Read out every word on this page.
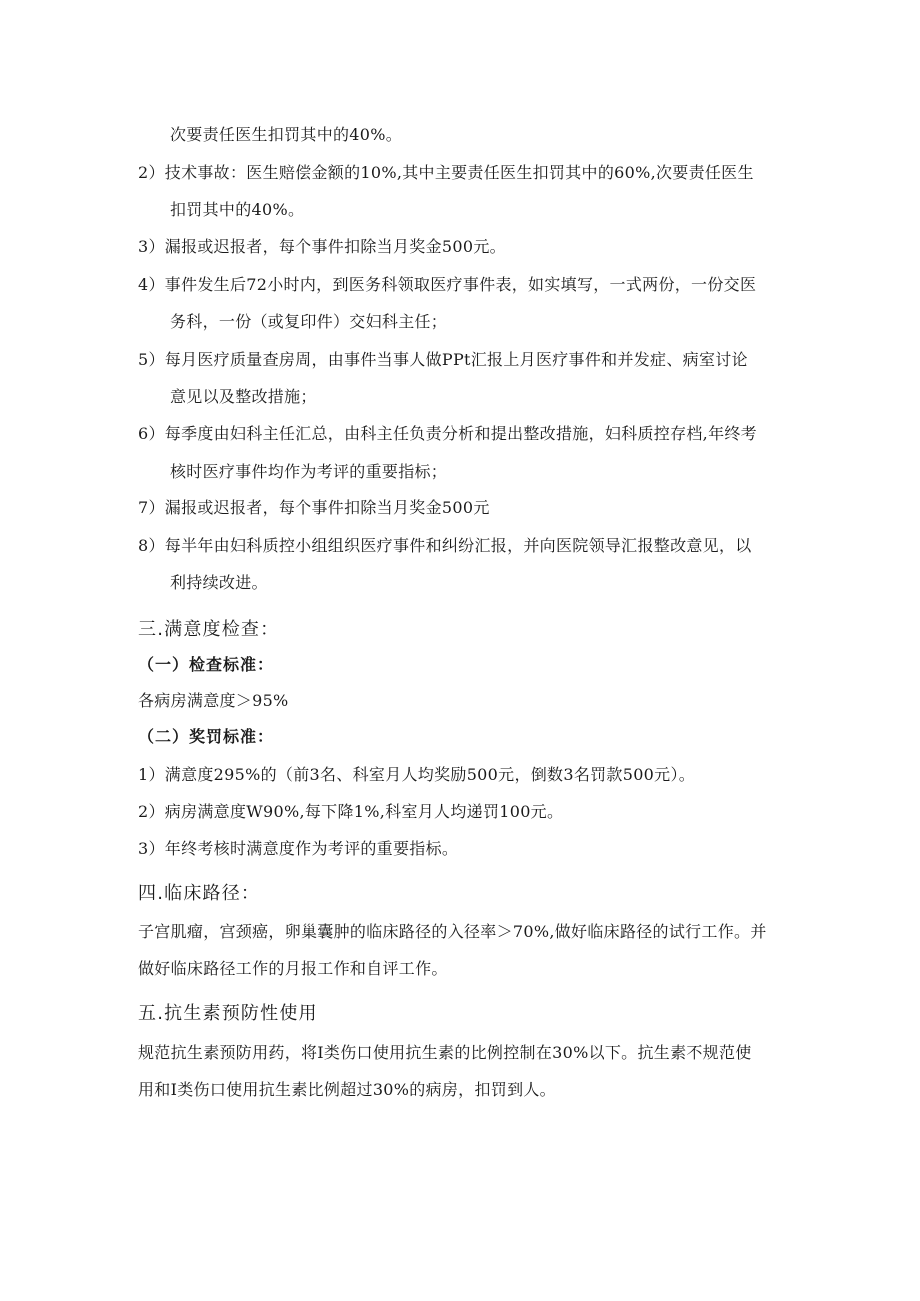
次要责任医生扣罚其中的40%。
2）技术事故：医生赔偿金额的10%,其中主要责任医生扣罚其中的60%,次要责任医生
扣罚其中的40%。
3）漏报或迟报者，每个事件扣除当月奖金500元。
4）事件发生后72小时内，到医务科领取医疗事件表，如实填写，一式两份，一份交医
务科，一份（或复印件）交妇科主任；
5）每月医疗质量查房周，由事件当事人做PPt汇报上月医疗事件和并发症、病室讨论
意见以及整改措施；
6）每季度由妇科主任汇总，由科主任负责分析和提出整改措施，妇科质控存档,年终考
核时医疗事件均作为考评的重要指标；
7）漏报或迟报者，每个事件扣除当月奖金500元
8）每半年由妇科质控小组组织医疗事件和纠纷汇报，并向医院领导汇报整改意见，以
利持续改进。
三.满意度检查：
（一）检查标准：
各病房满意度＞95%
（二）奖罚标准：
1）满意度295%的（前3名、科室月人均奖励500元，倒数3名罚款500元）。
2）病房满意度W90%,每下降1%,科室月人均递罚100元。
3）年终考核时满意度作为考评的重要指标。
四.临床路径：
子宫肌瘤，宫颈癌，卵巢囊肿的临床路径的入径率＞70%,做好临床路径的试行工作。并
做好临床路径工作的月报工作和自评工作。
五.抗生素预防性使用
规范抗生素预防用药，将I类伤口使用抗生素的比例控制在30%以下。抗生素不规范使
用和I类伤口使用抗生素比例超过30%的病房，扣罚到人。
